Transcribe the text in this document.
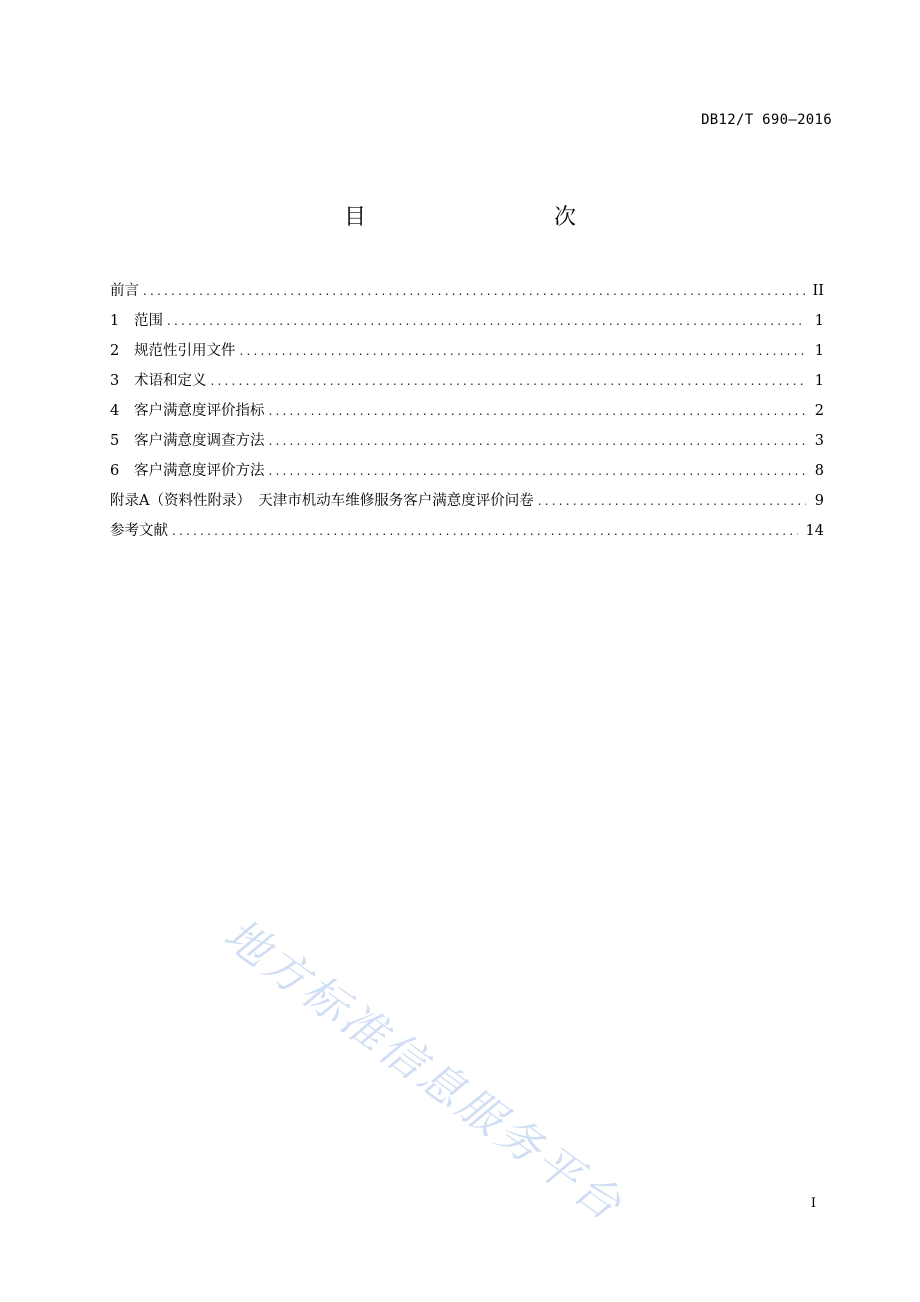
DB12/T 690—2016
目　　次
前言 .....	II
1	范围 .....	1
2	规范性引用文件 .....	1
3	术语和定义 .....	1
4	客户满意度评价指标 .....	2
5	客户满意度调查方法 .....	3
6	客户满意度评价方法 .....	8
附录A（资料性附录）　天津市机动车维修服务客户满意度评价问卷 .....	9
参考文献 .....	14
地方标准信息服务平台	I
